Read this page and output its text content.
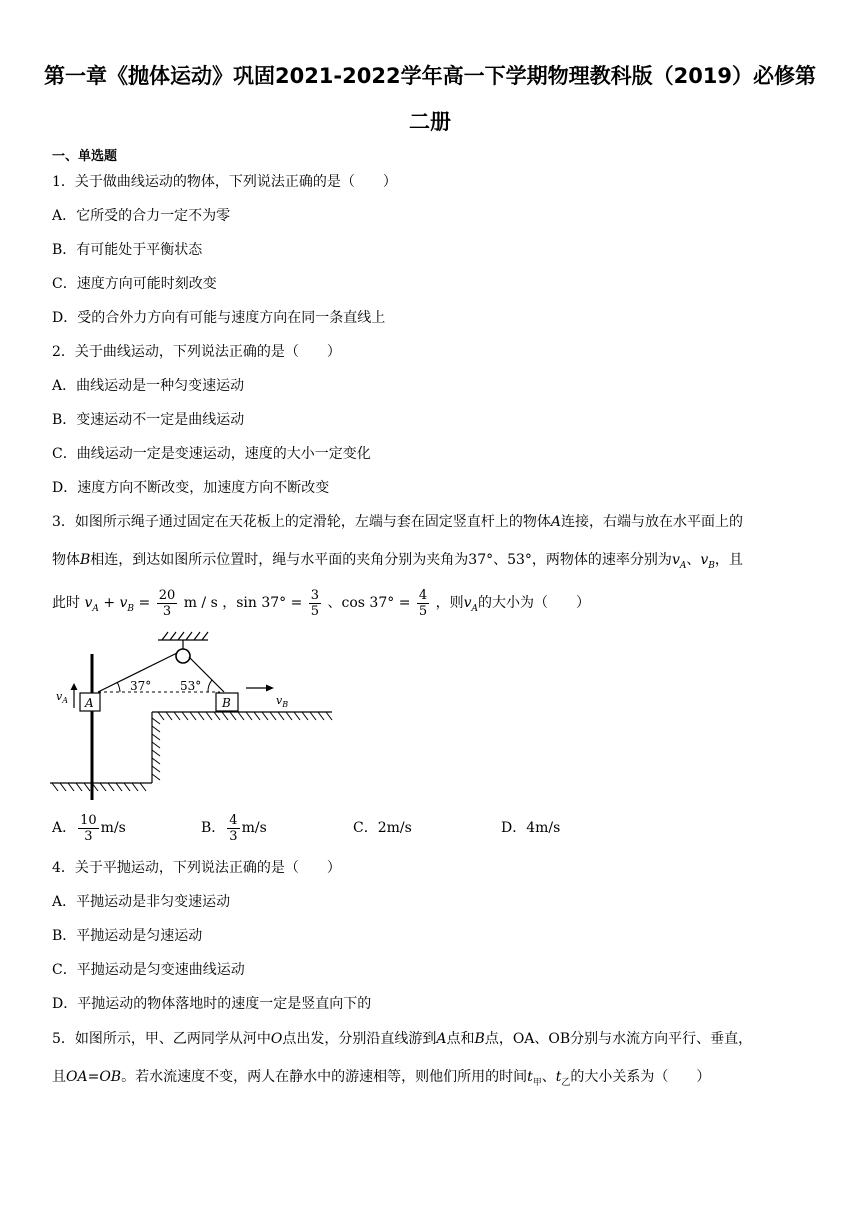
第一章《抛体运动》巩固2021-2022学年高一下学期物理教科版（2019）必修第
二册
一、单选题
1．关于做曲线运动的物体，下列说法正确的是（　　）
A．它所受的合力一定不为零
B．有可能处于平衡状态
C．速度方向可能时刻改变
D．受的合外力方向有可能与速度方向在同一条直线上
2．关于曲线运动，下列说法正确的是（　　）
A．曲线运动是一种匀变速运动
B．变速运动不一定是曲线运动
C．曲线运动一定是变速运动，速度的大小一定变化
D．速度方向不断改变，加速度方向不断改变
3．如图所示绳子通过固定在天花板上的定滑轮，左端与套在固定竖直杆上的物体A连接，右端与放在水平面上的
物体B相连，到达如图所示位置时，绳与水平面的夹角分别为夹角为37°、53°，两物体的速率分别为$v_A$、$v_B$，且
此时 $v_A + v_B = \frac{20}{3}$ m / s ，$\sin 37^\circ = \frac{3}{5}$ 、$\cos 37^\circ = \frac{4}{5}$ ，则$v_A$的大小为（　　）
A	B
37° 53°
$v_A$	$v_B$
A． $\frac{10}{3} m/s$	B． $\frac{4}{3} m/s$	C．2m/s	D．4m/s
4．关于平抛运动，下列说法正确的是（　　）
A．平抛运动是非匀变速运动
B．平抛运动是匀速运动
C．平抛运动是匀变速曲线运动
D．平抛运动的物体落地时的速度一定是竖直向下的
5．如图所示，甲、乙两同学从河中O点出发，分别沿直线游到A点和B点，OA、OB分别与水流方向平行、垂直，
且OA=OB。若水流速度不变，两人在静水中的游速相等，则他们所用的时间$t_甲$、$t_乙$的大小关系为（　　）
